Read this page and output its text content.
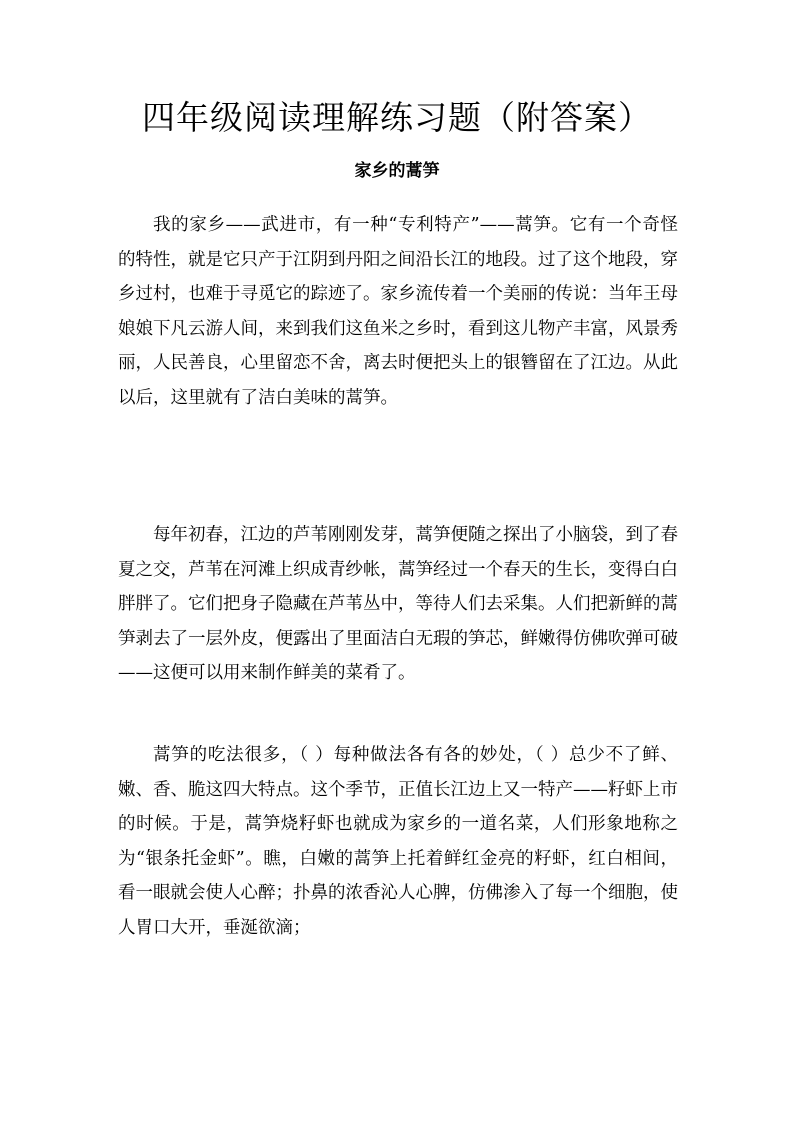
四年级阅读理解练习题（附答案）
家乡的蒿笋

我的家乡——武进市，有一种“专利特产”——蒿笋。它有一个奇怪的特性，就是它只产于江阴到丹阳之间沿长江的地段。过了这个地段，穿乡过村，也难于寻觅它的踪迹了。家乡流传着一个美丽的传说：当年王母娘娘下凡云游人间，来到我们这鱼米之乡时，看到这儿物产丰富，风景秀丽，人民善良，心里留恋不舍，离去时便把头上的银簪留在了江边。从此以后，这里就有了洁白美味的蒿笋。

每年初春，江边的芦苇刚刚发芽，蒿笋便随之探出了小脑袋，到了春夏之交，芦苇在河滩上织成青纱帐，蒿笋经过一个春天的生长，变得白白胖胖了。它们把身子隐藏在芦苇丛中，等待人们去采集。人们把新鲜的蒿笋剥去了一层外皮，便露出了里面洁白无瑕的笋芯，鲜嫩得仿佛吹弹可破——这便可以用来制作鲜美的菜肴了。

蒿笋的吃法很多，（ ）每种做法各有各的妙处，（ ）总少不了鲜、嫩、香、脆这四大特点。这个季节，正值长江边上又一特产——籽虾上市的时候。于是，蒿笋烧籽虾也就成为家乡的一道名菜，人们形象地称之为“银条托金虾”。瞧，白嫩的蒿笋上托着鲜红金亮的籽虾，红白相间，看一眼就会使人心醉；扑鼻的浓香沁人心脾，仿佛渗入了每一个细胞，使人胃口大开，垂涎欲滴；
